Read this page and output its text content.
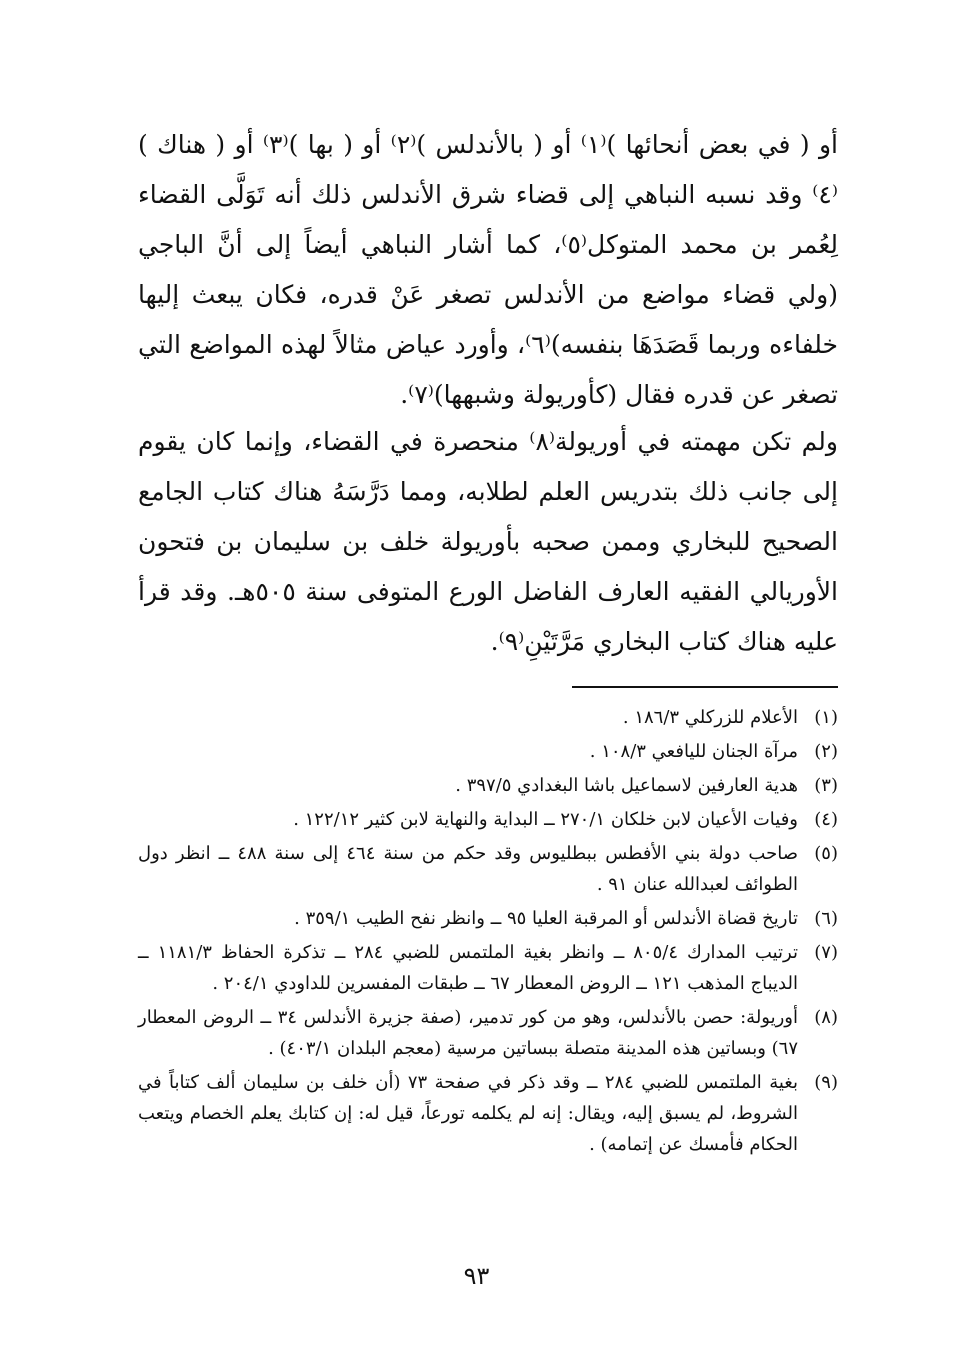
أو ( في بعض أنحائها )⁽١⁾ أو ( بالأندلس )⁽٢⁾ أو ( بها )⁽٣⁾ أو ( هناك )⁽٤⁾ وقد نسبه النباهي إلى قضاء شرق الأندلس ذلك أنه تَوَلَّى القضاء لِعُمر بن محمد المتوكل⁽٥⁾، كما أشار النباهي أيضاً إلى أنَّ الباجي (ولي قضاء مواضع من الأندلس تصغر عَنْ قدره، فكان يبعث إليها خلفاءه وربما قَصَدَهَا بنفسه)⁽٦⁾، وأورد عياض مثالاً لهذه المواضع التي تصغر عن قدره فقال (كأوريولة وشبهها)⁽٧⁾.

ولم تكن مهمته في أوريولة⁽٨⁾ منحصرة في القضاء، وإنما كان يقوم إلى جانب ذلك بتدريس العلم لطلابه، ومما دَرَّسَهُ هناك كتاب الجامع الصحيح للبخاري وممن صحبه بأوريولة خلف بن سليمان بن فتحون الأوريالي الفقيه العارف الفاضل الورع المتوفى سنة ٥٠٥هـ. وقد قرأ عليه هناك كتاب البخاري مَرَّتَيْنِ⁽٩⁾.

(١)
الأعلام للزركلي ١٨٦/٣ .
(٢)
مرآة الجنان لليافعي ١٠٨/٣ .
(٣)
هدية العارفين لاسماعيل باشا البغدادي ٣٩٧/٥ .
(٤)
وفيات الأعيان لابن خلكان ٢٧٠/١ ــ البداية والنهاية لابن كثير ١٢٢/١٢ .
(٥)
صاحب دولة بني الأفطس ببطليوس وقد حكم من سنة ٤٦٤ إلى سنة ٤٨٨ ــ انظر دول الطوائف لعبدالله عنان ٩١ .
(٦)
تاريخ قضاة الأندلس أو المرقبة العليا ٩٥ ــ وانظر نفح الطيب ٣٥٩/١ .
(٧)
ترتيب المدارك ٨٠٥/٤ ــ وانظر بغية الملتمس للضبي ٢٨٤ ــ تذكرة الحفاظ ١١٨١/٣ ــ الديباج المذهب ١٢١ ــ الروض المعطار ٦٧ ــ طبقات المفسرين للداودي ٢٠٤/١ .
(٨)
أوريولة: حصن بالأندلس، وهو من كور تدمير، (صفة جزيرة الأندلس ٣٤ ــ الروض المعطار ٦٧) وبساتين هذه المدينة متصلة ببساتين مرسية (معجم البلدان ٤٠٣/١) .
(٩)
بغية الملتمس للضبي ٢٨٤ ــ وقد ذكر في صفحة ٧٣ (أن خلف بن سليمان ألف كتاباً في الشروط، لم يسبق إليه، ويقال: إنه لم يكلمه تورعاً، قيل له: إن كتابك يعلم الخصام ويتعب الحكام فأمسك عن إتمامه) .
٩٣
